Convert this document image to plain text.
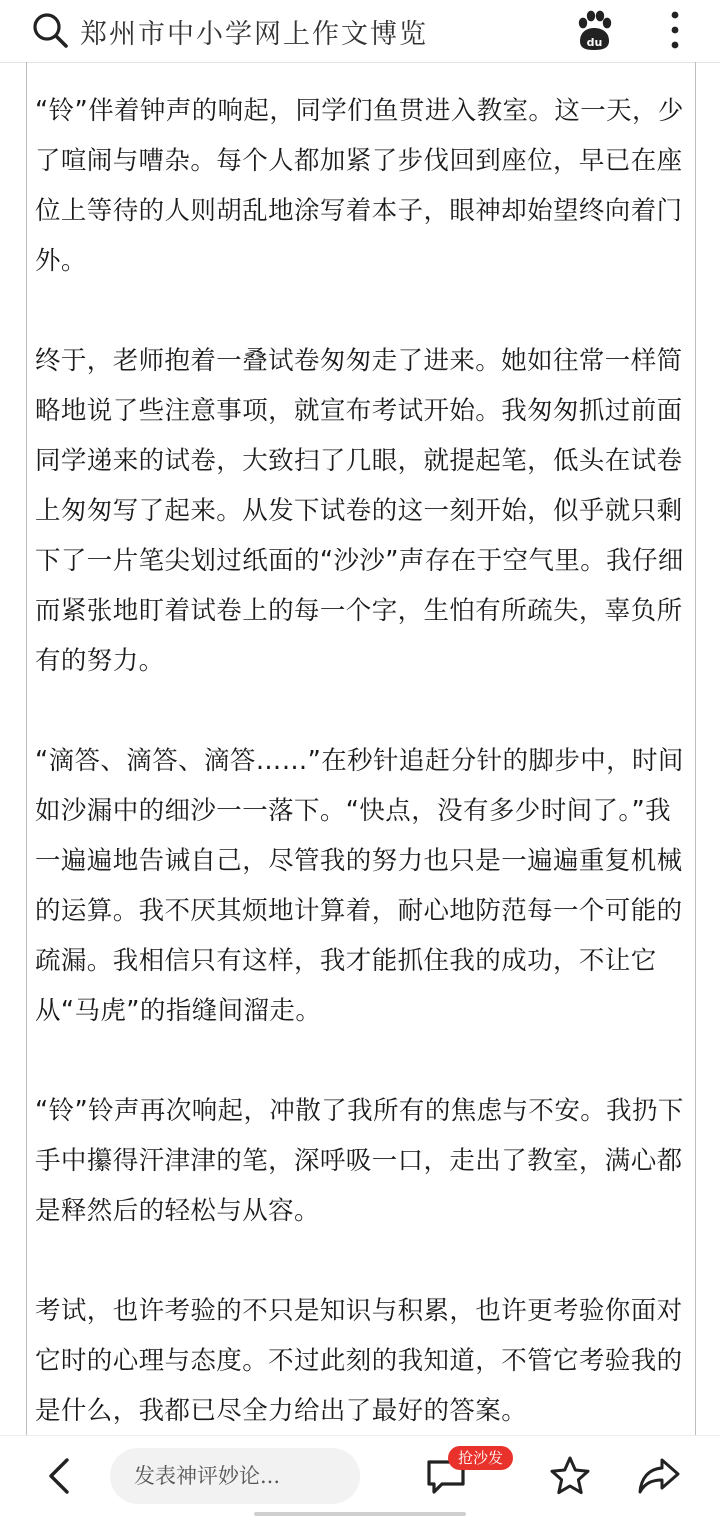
郑州市中小学网上作文博览	du

“铃”伴着钟声的响起，同学们鱼贯进入教室。这一天，少了喧闹与嘈杂。每个人都加紧了步伐回到座位，早已在座位上等待的人则胡乱地涂写着本子，眼神却始望终向着门外。

终于，老师抱着一叠试卷匆匆走了进来。她如往常一样简略地说了些注意事项，就宣布考试开始。我匆匆抓过前面同学递来的试卷，大致扫了几眼，就提起笔，低头在试卷上匆匆写了起来。从发下试卷的这一刻开始，似乎就只剩下了一片笔尖划过纸面的“沙沙”声存在于空气里。我仔细而紧张地盯着试卷上的每一个字，生怕有所疏失，辜负所有的努力。

“滴答、滴答、滴答……”在秒针追赶分针的脚步中，时间如沙漏中的细沙一一落下。“快点，没有多少时间了。”我一遍遍地告诫自己，尽管我的努力也只是一遍遍重复机械的运算。我不厌其烦地计算着，耐心地防范每一个可能的疏漏。我相信只有这样，我才能抓住我的成功，不让它从“马虎”的指缝间溜走。

“铃”铃声再次响起，冲散了我所有的焦虑与不安。我扔下手中攥得汗津津的笔，深呼吸一口，走出了教室，满心都是释然后的轻松与从容。

考试，也许考验的不只是知识与积累，也许更考验你面对它时的心理与态度。不过此刻的我知道，不管它考验我的是什么，我都已尽全力给出了最好的答案。

发表神评妙论...
抢沙发
